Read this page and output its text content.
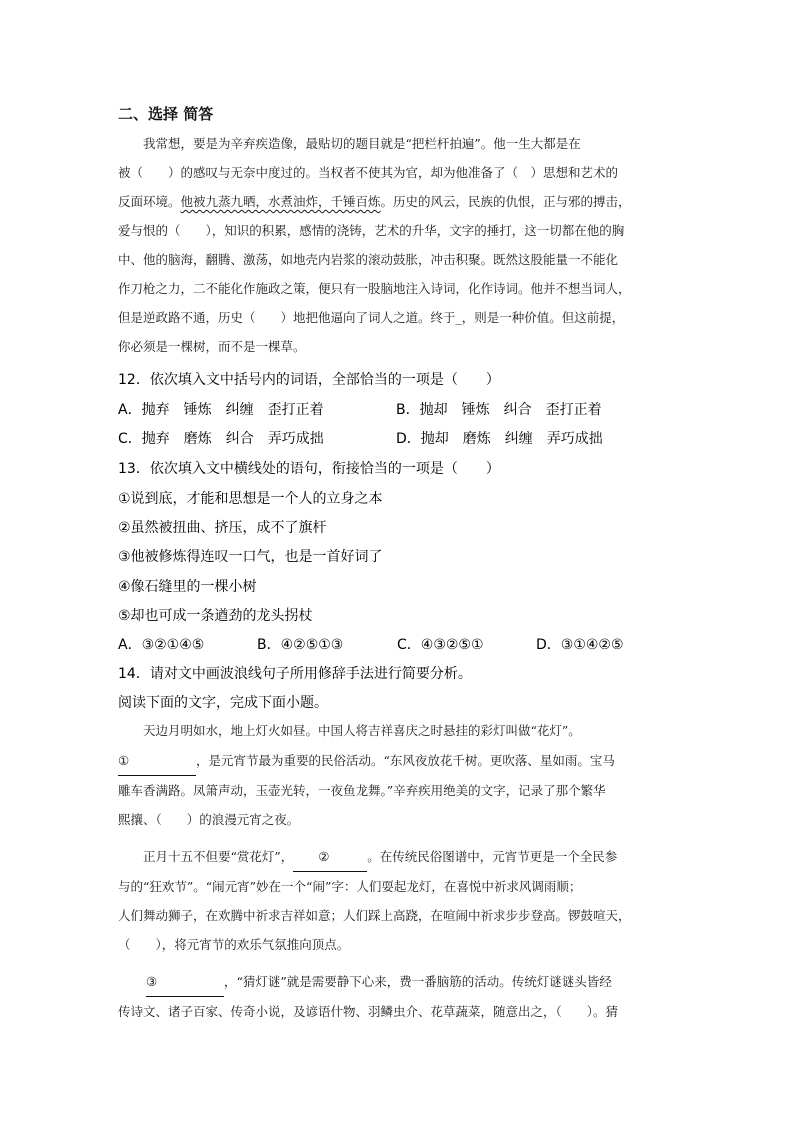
二、选择 简答

我常想，要是为辛弃疾造像，最贴切的题目就是“把栏杆拍遍”。他一生大都是在

被（　　）的感叹与无奈中度过的。当权者不使其为官，却为他准备了（　）思想和艺术的

反面环境。他被九蒸九晒，水煮油炸，千锤百炼。历史的风云，民族的仇恨，正与邪的搏击，

爱与恨的（　　），知识的积累，感情的浇铸，艺术的升华，文字的捶打，这一切都在他的胸

中、他的脑海，翻腾、激荡，如地壳内岩浆的滚动鼓胀，冲击积聚。既然这股能量一不能化

作刀枪之力，二不能化作施政之策，便只有一股脑地注入诗词，化作诗词。他并不想当词人，

但是逆政路不通，历史（　　）地把他逼向了词人之道。终于_，则是一种价值。但这前提，

你必须是一棵树，而不是一棵草。

12．依次填入文中括号内的词语，全部恰当的一项是（　　）
A．抛弃　锤炼　纠缠　歪打正着	B．抛却　锤炼　纠合　歪打正着
C．抛弃　磨炼　纠合　弄巧成拙	D．抛却　磨炼　纠缠　弄巧成拙
13．依次填入文中横线处的语句，衔接恰当的一项是（　　）
①说到底，才能和思想是一个人的立身之本
②虽然被扭曲、挤压，成不了旗杆
③他被修炼得连叹一口气，也是一首好词了
④像石缝里的一棵小树
⑤却也可成一条遒劲的龙头拐杖
A．③②①④⑤	B．④②⑤①③	C．④③②⑤①	D．③①④②⑤
14．请对文中画波浪线句子所用修辞手法进行简要分析。
阅读下面的文字，完成下面小题。

天边月明如水，地上灯火如昼。中国人将吉祥喜庆之时悬挂的彩灯叫做“花灯”。

①	，是元宵节最为重要的民俗活动。“东风夜放花千树。更吹落、星如雨。宝马

雕车香满路。凤箫声动，玉壶光转，一夜鱼龙舞。”辛弃疾用绝美的文字，记录了那个繁华

熙攘、（　　）的浪漫元宵之夜。

正月十五不但要“赏花灯”， ②	。在传统民俗图谱中，元宵节更是一个全民参

与的“狂欢节”。“闹元宵”妙在一个“闹”字：人们耍起龙灯，在喜悦中祈求风调雨顺；

人们舞动狮子，在欢腾中祈求吉祥如意；人们踩上高跷，在喧闹中祈求步步登高。锣鼓喧天，

（　　），将元宵节的欢乐气氛推向顶点。

③	，“猜灯谜”就是需要静下心来，费一番脑筋的活动。传统灯谜谜头皆经

传诗文、诸子百家、传奇小说，及谚语什物、羽鳞虫介、花草蔬菜，随意出之，（　　）。猜
